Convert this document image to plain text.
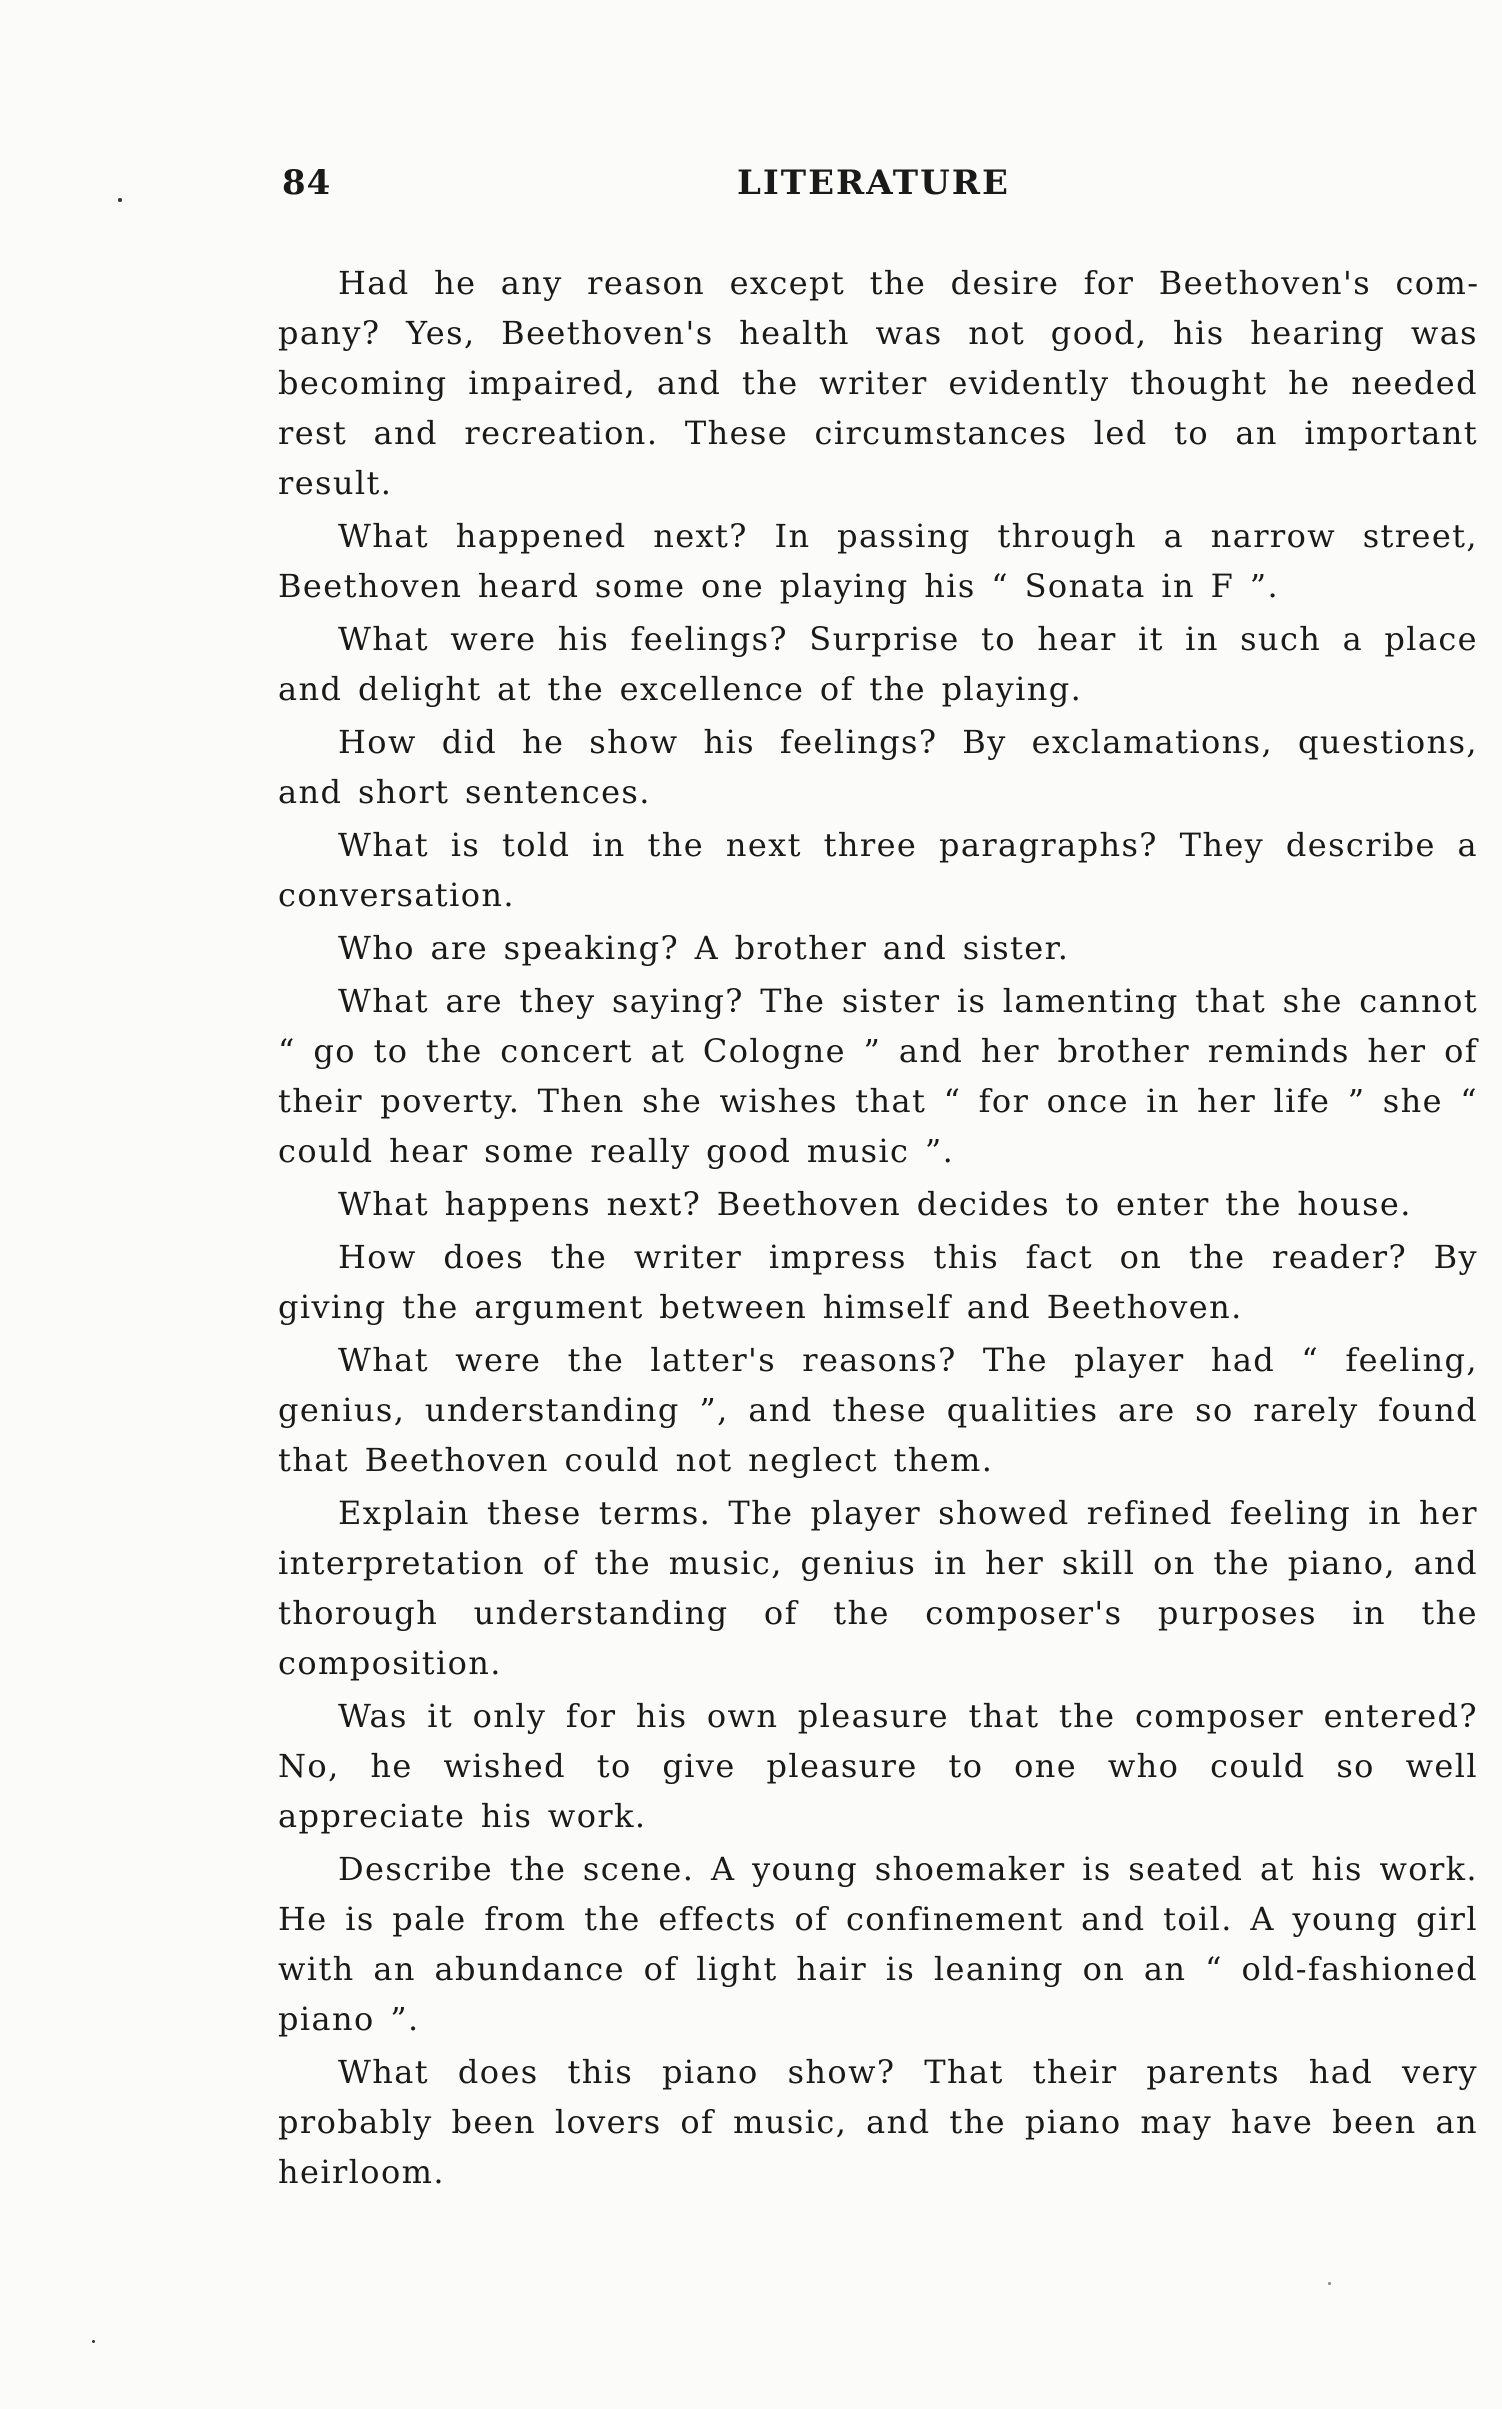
84	LITERATURE

Had he any reason except the desire for Beethoven's company? Yes, Beethoven's health was not good, his hearing was becoming impaired, and the writer evidently thought he needed rest and recreation. These circumstances led to an important result.

What happened next? In passing through a narrow street, Beethoven heard some one playing his “ Sonata in F ”.

What were his feelings? Surprise to hear it in such a place and delight at the excellence of the playing.

How did he show his feelings? By exclamations, questions, and short sentences.

What is told in the next three paragraphs? They describe a conversation.

Who are speaking? A brother and sister.

What are they saying? The sister is lamenting that she cannot “ go to the concert at Cologne ” and her brother reminds her of their poverty. Then she wishes that “ for once in her life ” she “ could hear some really good music ”.

What happens next? Beethoven decides to enter the house.

How does the writer impress this fact on the reader? By giving the argument between himself and Beethoven.

What were the latter's reasons? The player had “ feeling, genius, understanding ”, and these qualities are so rarely found that Beethoven could not neglect them.

Explain these terms. The player showed refined feeling in her interpretation of the music, genius in her skill on the piano, and thorough understanding of the composer's purposes in the composition.

Was it only for his own pleasure that the composer entered? No, he wished to give pleasure to one who could so well appreciate his work.

Describe the scene. A young shoemaker is seated at his work. He is pale from the effects of confinement and toil. A young girl with an abundance of light hair is leaning on an “ old-fashioned piano ”.

What does this piano show? That their parents had very probably been lovers of music, and the piano may have been an heirloom.
